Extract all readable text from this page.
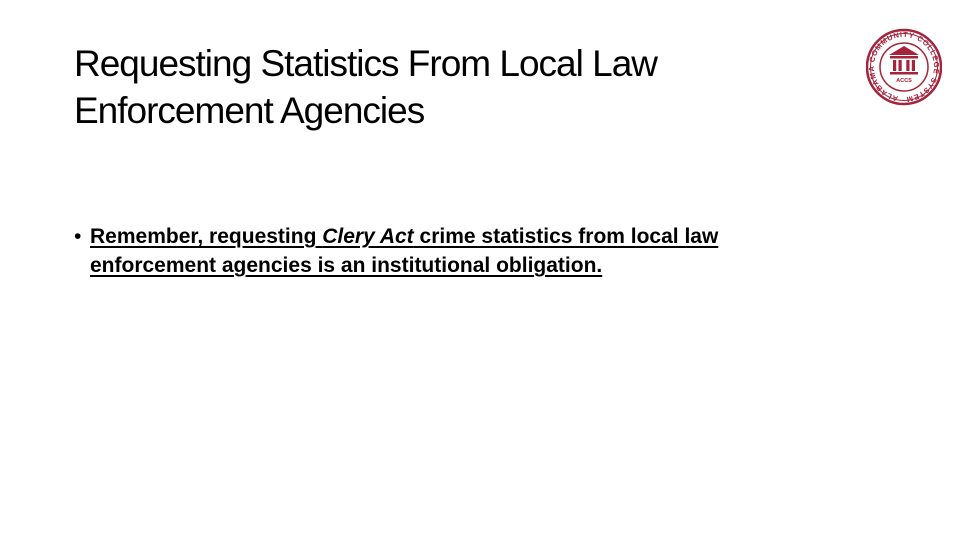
Requesting Statistics From Local Law
Enforcement Agencies	ALABAMA COMMUNITY COLLEGE SYSTEM
ACCS
• Remember, requesting Clery Act crime statistics from local law enforcement agencies is an institutional obligation.
